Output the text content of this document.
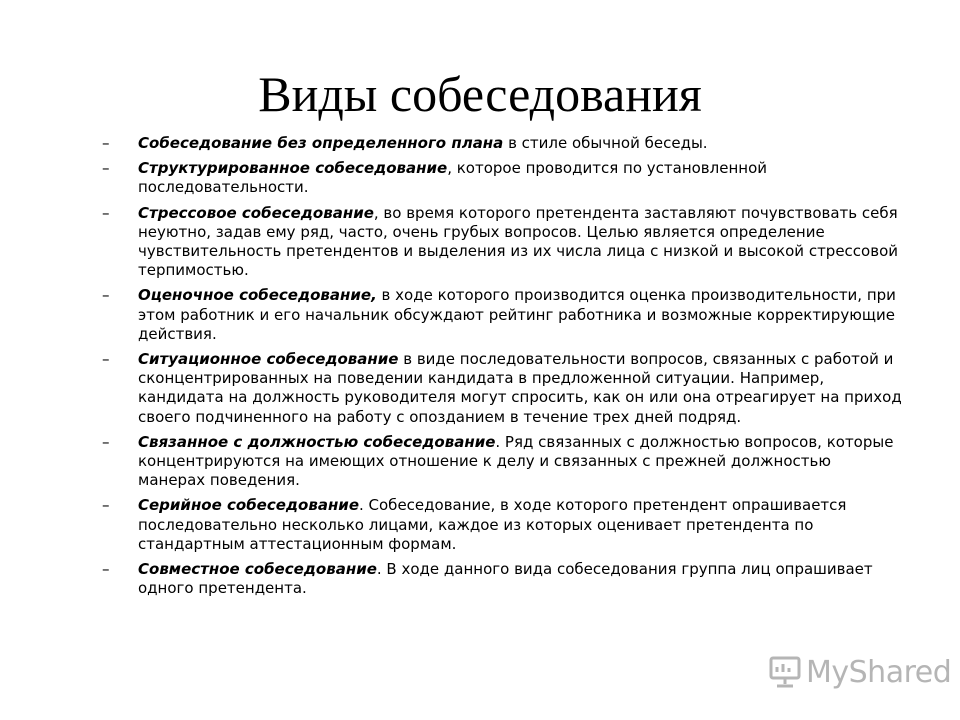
Виды собеседования
– Собеседование без определенного плана в стиле обычной беседы.
– Структурированное собеседование, которое проводится по установленной последовательности.
– Стрессовое собеседование, во время которого претендента заставляют почувствовать себя неуютно, задав ему ряд, часто, очень грубых вопросов. Целью является определение чувствительность претендентов и выделения из их числа лица с низкой и высокой стрессовой терпимостью.
– Оценочное собеседование, в ходе которого производится оценка производительности, при этом работник и его начальник обсуждают рейтинг работника и возможные корректирующие действия.
– Ситуационное собеседование в виде последовательности вопросов, связанных с работой и сконцентрированных на поведении кандидата в предложенной ситуации. Например, кандидата на должность руководителя могут спросить, как он или она отреагирует на приход своего подчиненного на работу с опозданием в течение трех дней подряд.
– Связанное с должностью собеседование. Ряд связанных с должностью вопросов, которые концентрируются на имеющих отношение к делу и связанных с прежней должностью манерах поведения.
– Серийное собеседование. Собеседование, в ходе которого претендент опрашивается последовательно несколько лицами, каждое из которых оценивает претендента по стандартным аттестационным формам.
– Совместное собеседование. В ходе данного вида собеседования группа лиц опрашивает одного претендента.
MyShared
